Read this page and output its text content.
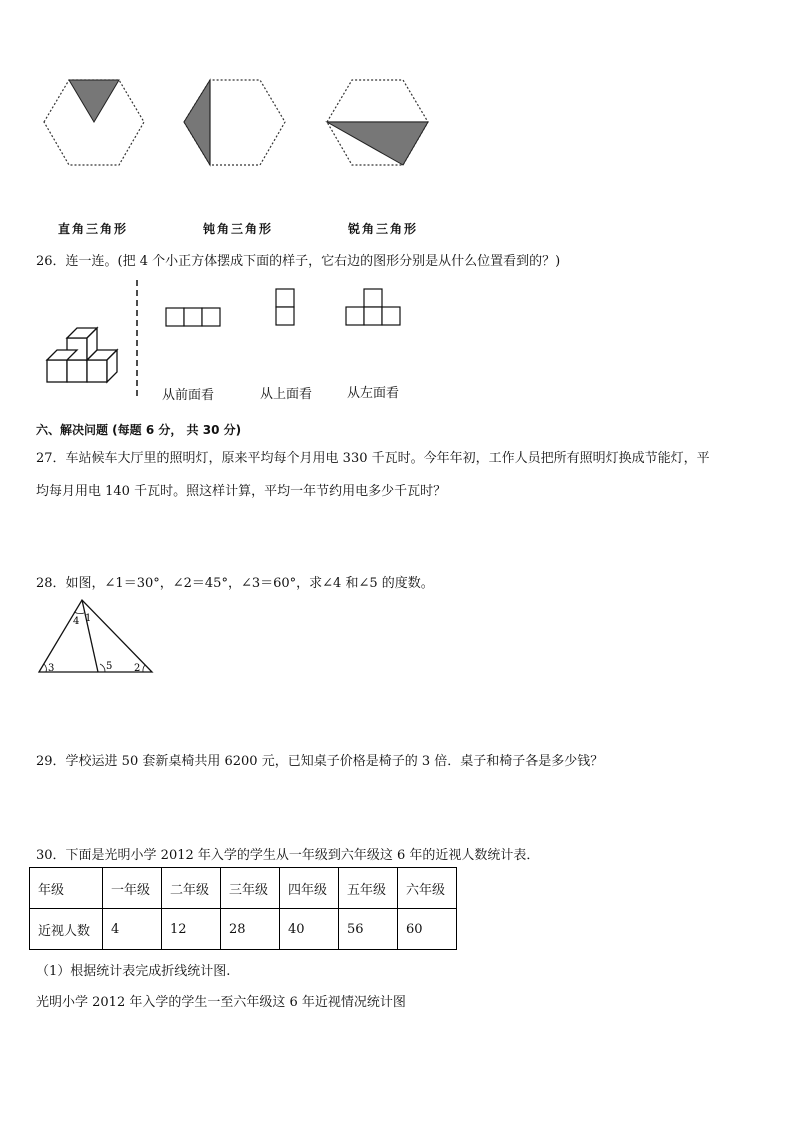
直角三角形	钝角三角形	锐角三角形
26．连一连。(把 4 个小正方体摆成下面的样子，它右边的图形分别是从什么位置看到的？)
从前面看	从上面看	从左面看
六、解决问题 (每题 6 分， 共 30 分)
27．车站候车大厅里的照明灯，原来平均每个月用电 330 千瓦时。今年年初，工作人员把所有照明灯换成节能灯，平
均每月用电 140 千瓦时。照这样计算，平均一年节约用电多少千瓦时？
28．如图，∠1＝30°，∠2＝45°，∠3＝60°，求∠4 和∠5 的度数。
1
2
3
4
5
29．学校运进 50 套新桌椅共用 6200 元，已知桌子价格是椅子的 3 倍．桌子和椅子各是多少钱？
30．下面是光明小学 2012 年入学的学生从一年级到六年级这 6 年的近视人数统计表．
年级	一年级	二年级	三年级	四年级	五年级	六年级
近视人数	4	12	28	40	56	60
（1）根据统计表完成折线统计图.
光明小学 2012 年入学的学生一至六年级这 6 年近视情况统计图
